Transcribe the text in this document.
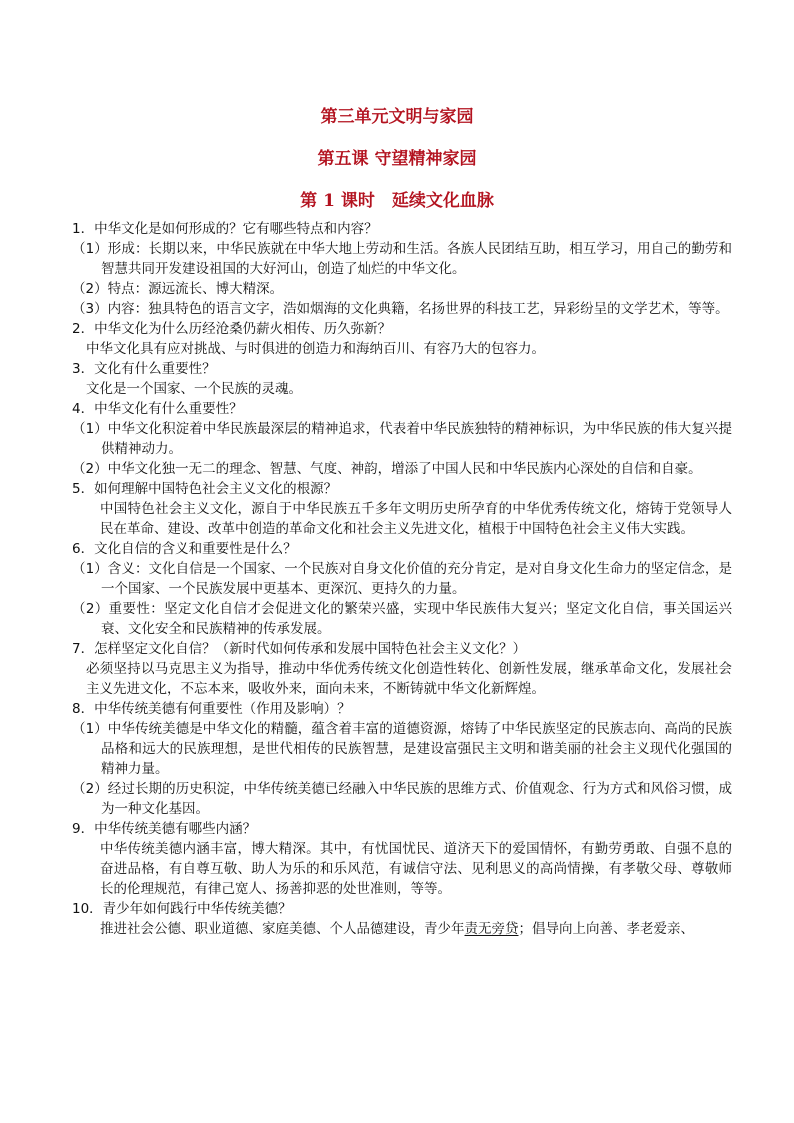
第三单元文明与家园
第五课 守望精神家园
第 1 课时　延续文化血脉

1．中华文化是如何形成的？它有哪些特点和内容？

（1）形成：长期以来，中华民族就在中华大地上劳动和生活。各族人民团结互助，相互学习，用自己的勤劳和智慧共同开发建设祖国的大好河山，创造了灿烂的中华文化。

（2）特点：源远流长、博大精深。

（3）内容：独具特色的语言文字，浩如烟海的文化典籍，名扬世界的科技工艺，异彩纷呈的文学艺术，等等。

2．中华文化为什么历经沧桑仍薪火相传、历久弥新？

中华文化具有应对挑战、与时俱进的创造力和海纳百川、有容乃大的包容力。

3．文化有什么重要性？

文化是一个国家、一个民族的灵魂。

4．中华文化有什么重要性？

（1）中华文化积淀着中华民族最深层的精神追求，代表着中华民族独特的精神标识，为中华民族的伟大复兴提供精神动力。

（2）中华文化独一无二的理念、智慧、气度、神韵，增添了中国人民和中华民族内心深处的自信和自豪。

5．如何理解中国特色社会主义文化的根源？

中国特色社会主义文化，源自于中华民族五千多年文明历史所孕育的中华优秀传统文化，熔铸于党领导人民在革命、建设、改革中创造的革命文化和社会主义先进文化，植根于中国特色社会主义伟大实践。

6．文化自信的含义和重要性是什么？

（1）含义：文化自信是一个国家、一个民族对自身文化价值的充分肯定，是对自身文化生命力的坚定信念，是一个国家、一个民族发展中更基本、更深沉、更持久的力量。

（2）重要性：坚定文化自信才会促进文化的繁荣兴盛，实现中华民族伟大复兴；坚定文化自信，事关国运兴衰、文化安全和民族精神的传承发展。

7．怎样坚定文化自信？（新时代如何传承和发展中国特色社会主义文化？）

必须坚持以马克思主义为指导，推动中华优秀传统文化创造性转化、创新性发展，继承革命文化，发展社会主义先进文化，不忘本来，吸收外来，面向未来，不断铸就中华文化新辉煌。

8．中华传统美德有何重要性（作用及影响）？

（1）中华传统美德是中华文化的精髓，蕴含着丰富的道德资源，熔铸了中华民族坚定的民族志向、高尚的民族品格和远大的民族理想，是世代相传的民族智慧，是建设富强民主文明和谐美丽的社会主义现代化强国的精神力量。

（2）经过长期的历史积淀，中华传统美德已经融入中华民族的思维方式、价值观念、行为方式和风俗习惯，成为一种文化基因。

9．中华传统美德有哪些内涵？

中华传统美德内涵丰富，博大精深。其中，有忧国忧民、道济天下的爱国情怀，有勤劳勇敢、自强不息的奋进品格，有自尊互敬、助人为乐的和乐风范，有诚信守法、见利思义的高尚情操，有孝敬父母、尊敬师长的伦理规范，有律己宽人、扬善抑恶的处世准则，等等。

10．青少年如何践行中华传统美德？

推进社会公德、职业道德、家庭美德、个人品德建设，青少年责无旁贷；倡导向上向善、孝老爱亲、
